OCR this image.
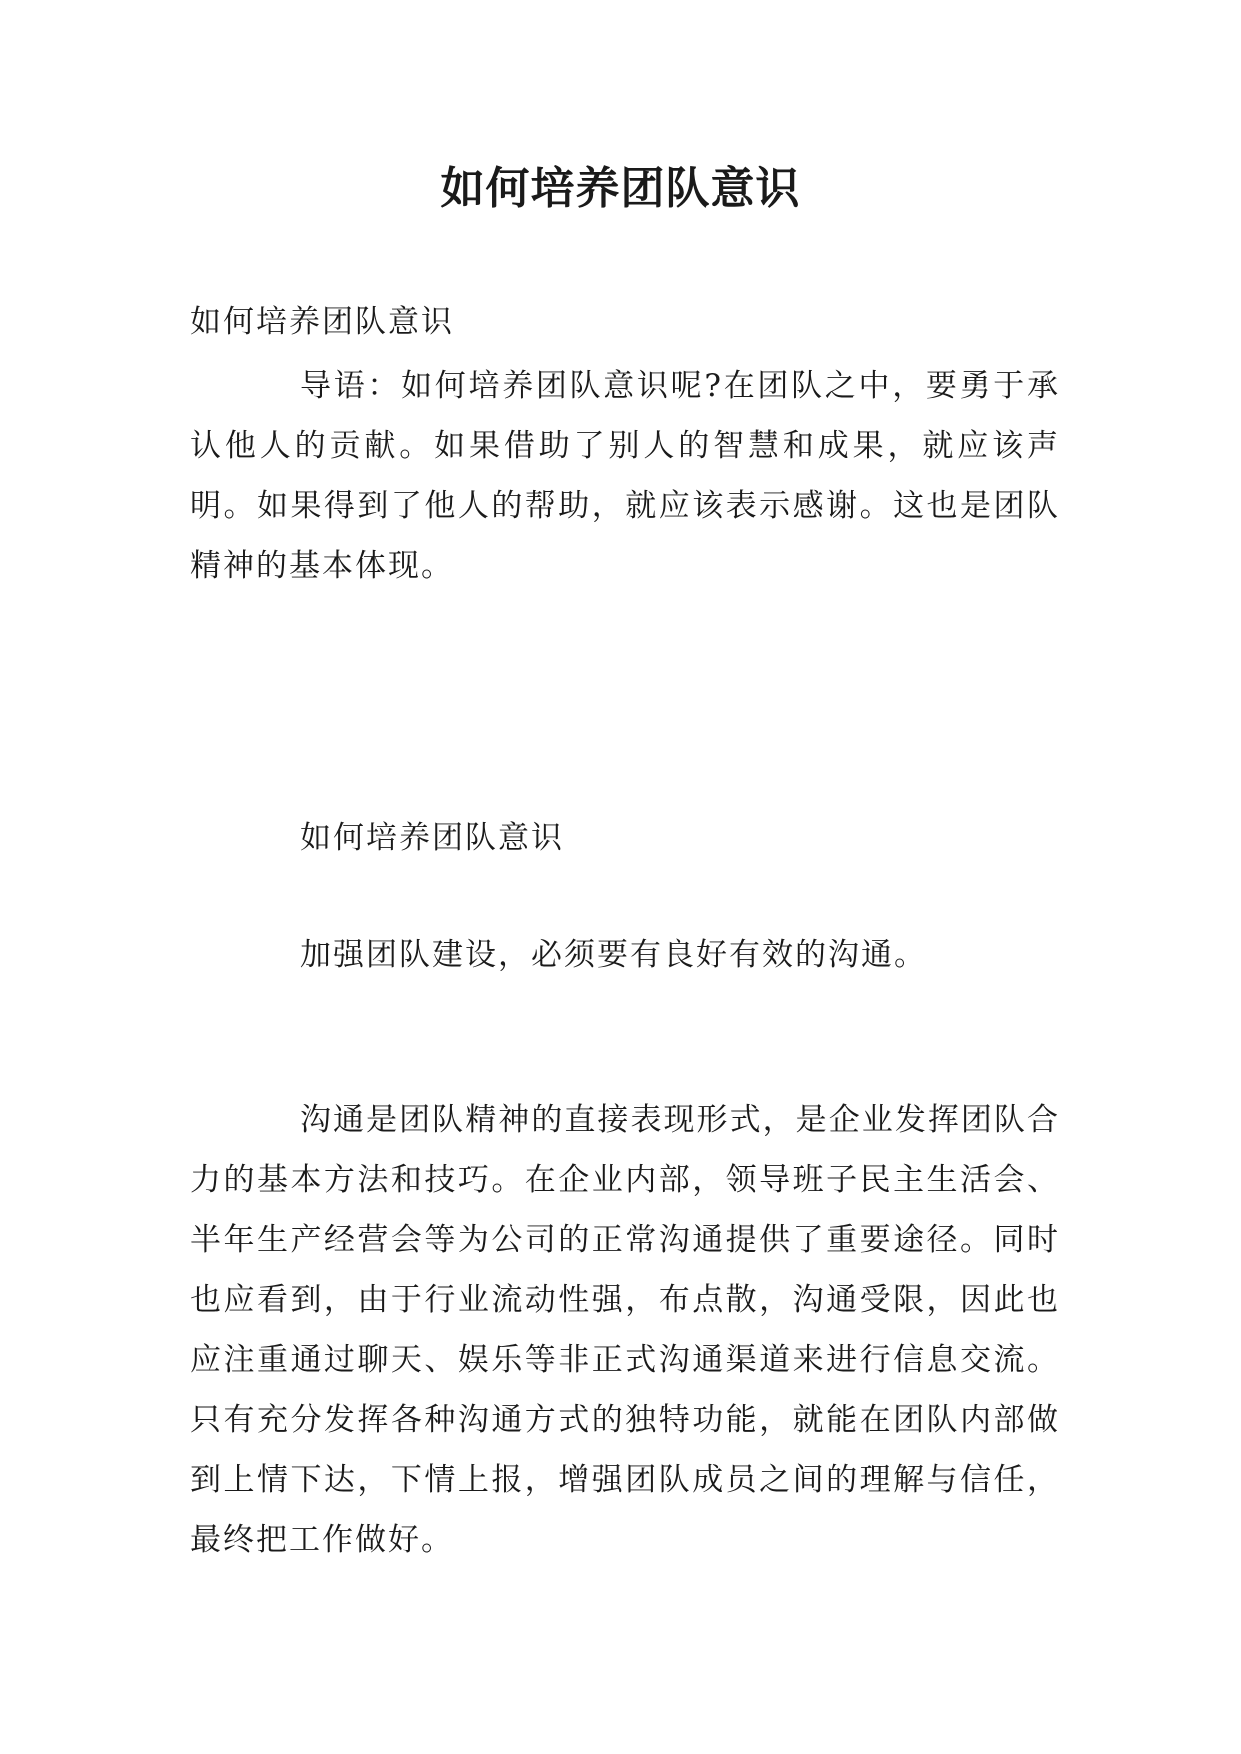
如何培养团队意识
如何培养团队意识

导语：如何培养团队意识呢?在团队之中，要勇于承认他人的贡献。如果借助了别人的智慧和成果，就应该声明。如果得到了他人的帮助，就应该表示感谢。这也是团队精神的基本体现。

如何培养团队意识
加强团队建设，必须要有良好有效的沟通。

沟通是团队精神的直接表现形式，是企业发挥团队合力的基本方法和技巧。在企业内部，领导班子民主生活会、半年生产经营会等为公司的正常沟通提供了重要途径。同时也应看到，由于行业流动性强，布点散，沟通受限，因此也应注重通过聊天、娱乐等非正式沟通渠道来进行信息交流。只有充分发挥各种沟通方式的独特功能，就能在团队内部做到上情下达，下情上报，增强团队成员之间的理解与信任，最终把工作做好。
